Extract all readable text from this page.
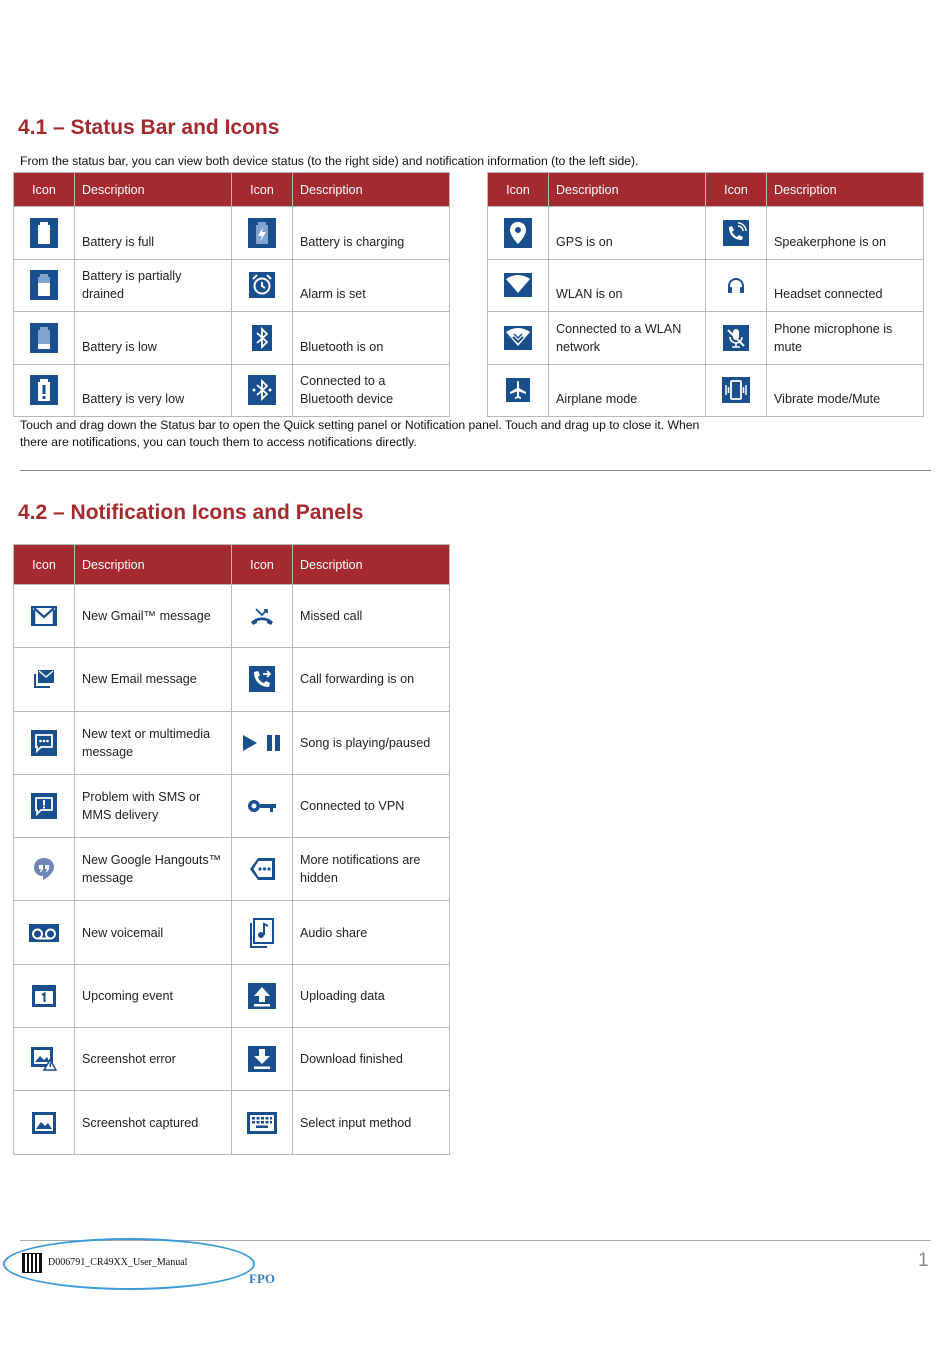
4.1 – Status Bar and Icons
From the status bar, you can view both device status (to the right side) and notification information (to the left side).
Icon	Description	Icon	Description
	Battery is full		Battery is charging
	Battery is partially drained		Alarm is set
	Battery is low		Bluetooth is on
	Battery is very low		Connected to a Bluetooth device
Icon	Description	Icon	Description
	GPS is on		Speakerphone is on
	WLAN is on		Headset connected
	Connected to a WLAN network		Phone microphone is mute
	Airplane mode		Vibrate mode/Mute
Touch and drag down the Status bar to open the Quick setting panel or Notification panel. Touch and drag up to close it. When
there are notifications, you can touch them to access notifications directly.
4.2 – Notification Icons and Panels
Icon	Description	Icon	Description
	New Gmail™ message		Missed call
	New Email message		Call forwarding is on
	New text or multimedia message		Song is playing/paused
	Problem with SMS or MMS delivery		Connected to VPN
	New Google Hangouts™ message		More notifications are hidden
	New voicemail		Audio share
	Upcoming event		Uploading data
	Screenshot error		Download finished
	Screenshot captured		Select input method
D006791_CR49XX_User_Manual
FPO
1
